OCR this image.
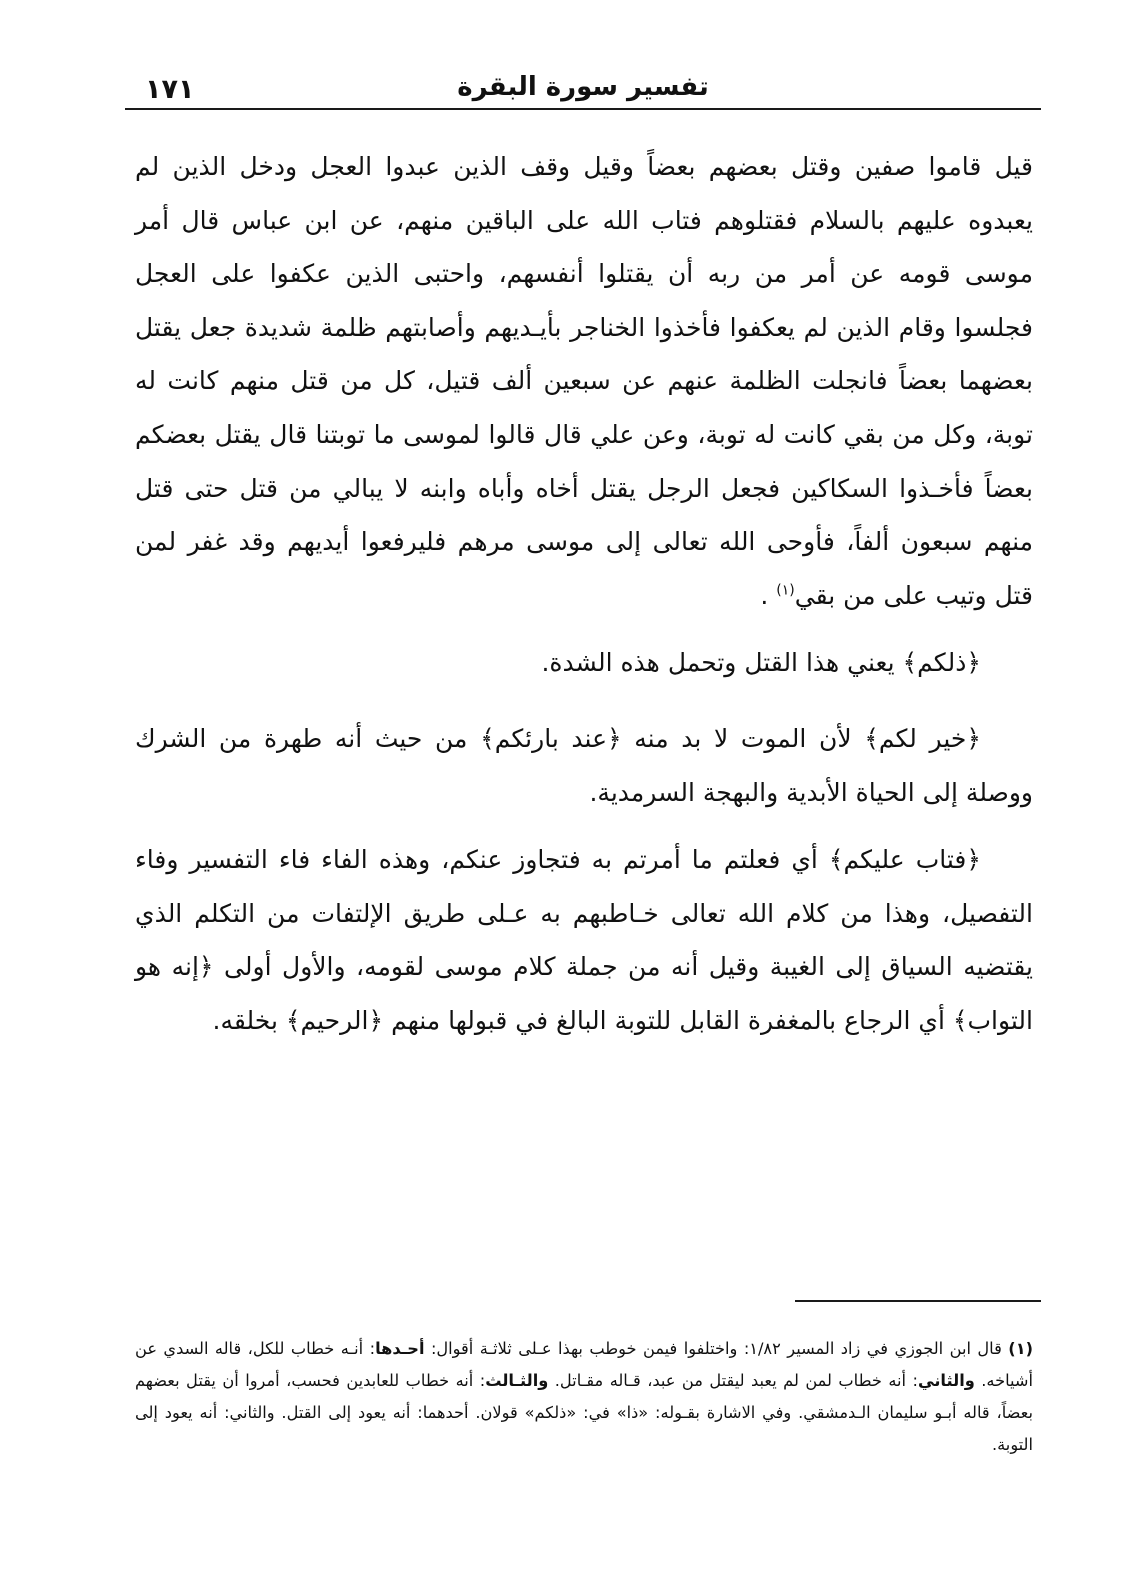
١٧١	تفسير سورة البقرة

قيل قاموا صفين وقتل بعضهم بعضاً وقيل وقف الذين عبدوا العجل ودخل الذين لم يعبدوه عليهم بالسلام فقتلوهم فتاب الله على الباقين منهم، عن ابن عباس قال أمر موسى قومه عن أمر من ربه أن يقتلوا أنفسهم، واحتبى الذين عكفوا على العجل فجلسوا وقام الذين لم يعكفوا فأخذوا الخناجر بأيـديهم وأصابتهم ظلمة شديدة جعل يقتل بعضهما بعضاً فانجلت الظلمة عنهم عن سبعين ألف قتيل، كل من قتل منهم كانت له توبة، وكل من بقي كانت له توبة، وعن علي قال قالوا لموسى ما توبتنا قال يقتل بعضكم بعضاً فأخـذوا السكاكين فجعل الرجل يقتل أخاه وأباه وابنه لا يبالي من قتل حتى قتل منهم سبعون ألفاً، فأوحى الله تعالى إلى موسى مرهم فليرفعوا أيديهم وقد غفر لمن قتل وتيب على من بقي$^{(١)}$ .

﴿ذلكم﴾ يعني هذا القتل وتحمل هذه الشدة.

﴿خير لكم﴾ لأن الموت لا بد منه ﴿عند بارئكم﴾ من حيث أنه طهرة من الشرك ووصلة إلى الحياة الأبدية والبهجة السرمدية.

﴿فتاب عليكم﴾ أي فعلتم ما أمرتم به فتجاوز عنكم، وهذه الفاء فاء التفسير وفاء التفصيل، وهذا من كلام الله تعالى خـاطبهم به عـلى طريق الإلتفات من التكلم الذي يقتضيه السياق إلى الغيبة وقيل أنه من جملة كلام موسى لقومه، والأول أولى ﴿إنه هو التواب﴾ أي الرجاع بالمغفرة القابل للتوبة البالغ في قبولها منهم ﴿الرحيم﴾ بخلقه.

(١) قال ابن الجوزي في زاد المسير ١/٨٢: واختلفوا فيمن خوطب بهذا عـلى ثلاثـة أقوال: أحـدها: أنـه خطاب للكل، قاله السدي عن أشياخه. والثاني: أنه خطاب لمن لم يعبد ليقتل من عبد، قـاله مقـاتل. والثـالث: أنه خطاب للعابدين فحسب، أمروا أن يقتل بعضهم بعضاً، قاله أبـو سليمان الـدمشقي. وفي الاشارة بقـوله: «ذا» في: «ذلكم» قولان. أحدهما: أنه يعود إلى القتل. والثاني: أنه يعود إلى التوبة.
